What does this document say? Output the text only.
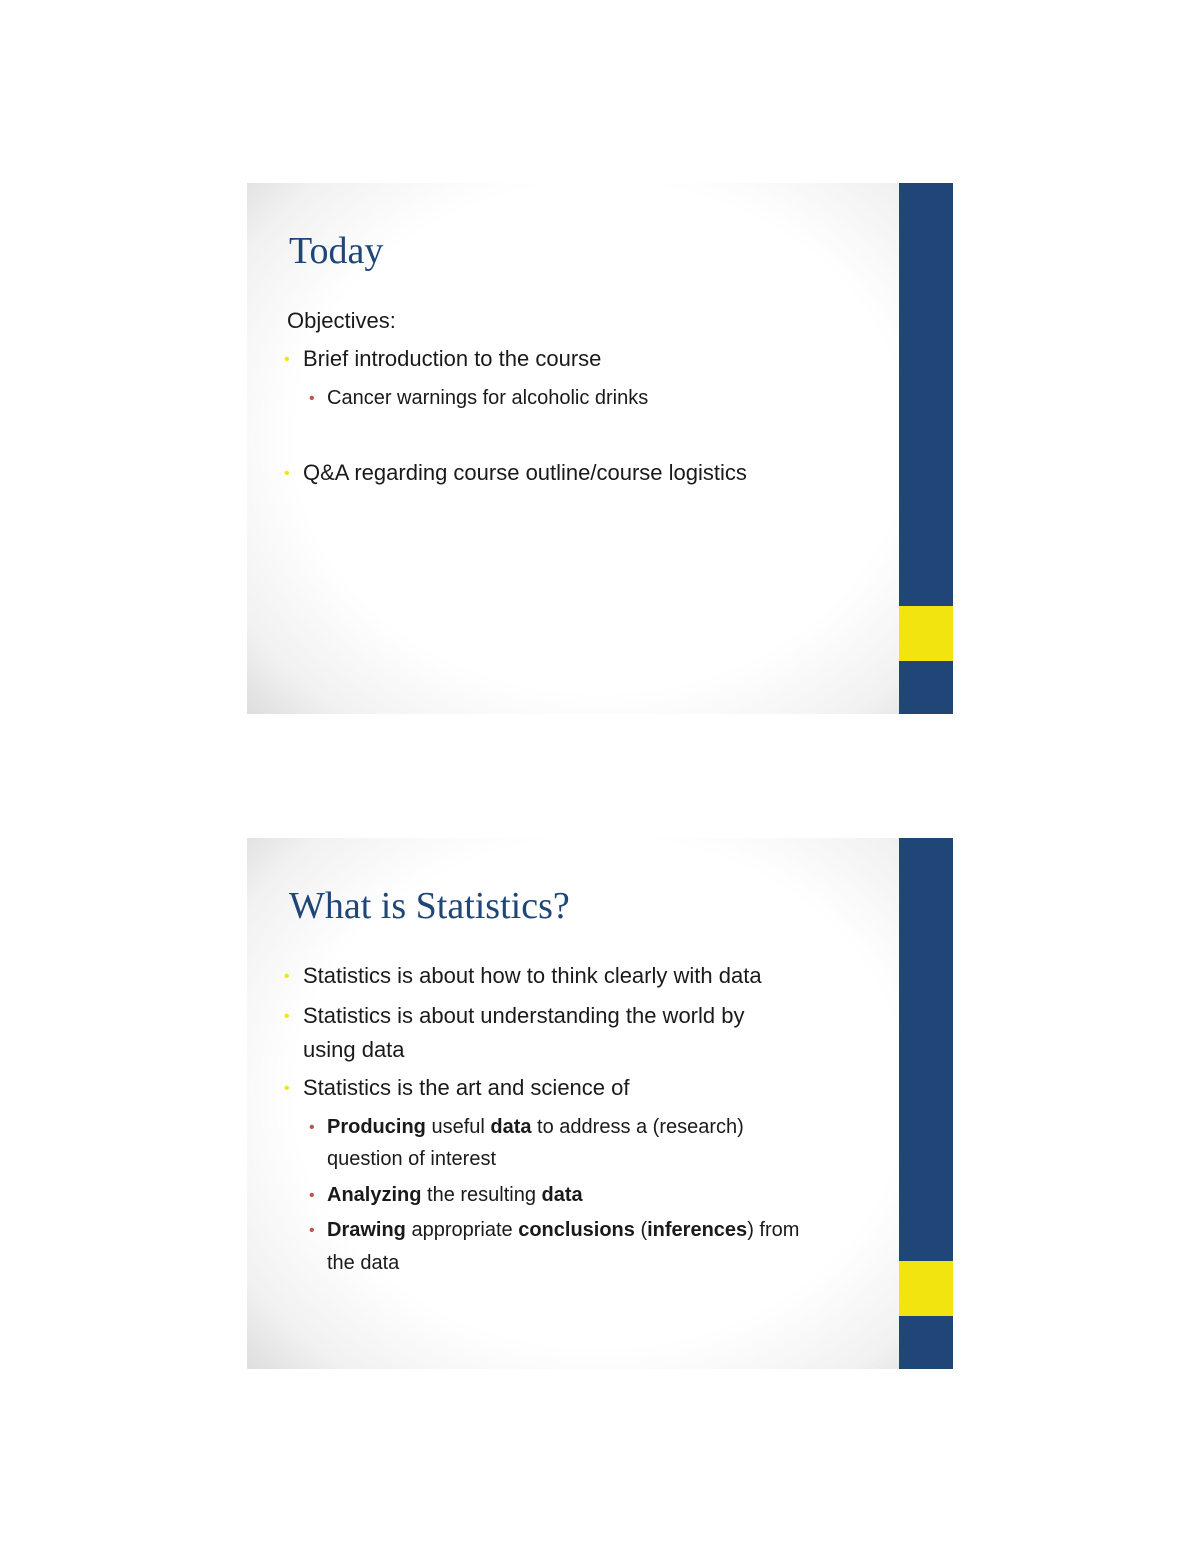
Today
Objectives:
• Brief introduction to the course
• Cancer warnings for alcoholic drinks
• Q&A regarding course outline/course logistics
What is Statistics?
• Statistics is about how to think clearly with data
• Statistics is about understanding the world by
using data
• Statistics is the art and science of
• Producing useful data to address a (research)
question of interest
• Analyzing the resulting data
• Drawing appropriate conclusions (inferences) from
the data
